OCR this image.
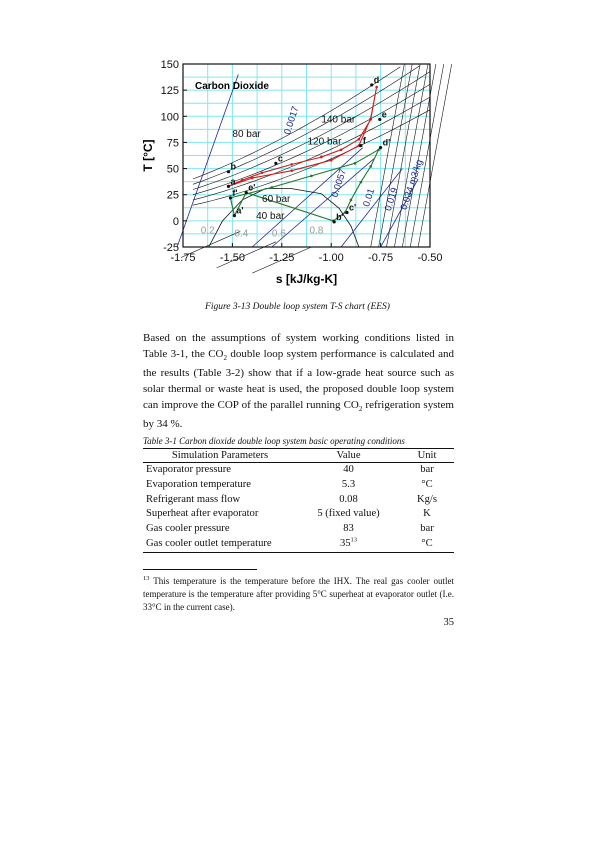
d
e
d'
f
c
b
a
f'
e'
a'
b'
c'
0.2 0.4 0.6 0.8
140 bar
120 bar
80 bar
60 bar
40 bar
0.0017
0.0057 0.01 0.019
0.034 m3/kg
-1.75 -1.50 -1.25 -1.00 -0.75 -0.50
-25
0
25
50
75
100
125
150
Carbon Dioxide
s [kJ/kg-K]
T [°C]
Figure 3-13 Double loop system T-S chart (EES)
Based on the assumptions of system working conditions listed in Table 3-1, the $CO_2$ double loop system performance is calculated and the results (Table 3-2) show that if a low-grade heat source such as solar thermal or waste heat is used, the proposed double loop system can improve the COP of the parallel running $CO_2$ refrigeration system by 34 %.
Table 3-1 Carbon dioxide double loop system basic operating conditions
Simulation Parameters	Value	Unit
Evaporator pressure	40	bar
Evaporation temperature	5.3	°C
Refrigerant mass flow	0.08	Kg/s
Superheat after evaporator	5 (fixed value)	K
Gas cooler pressure	83	bar
Gas cooler outlet temperature	$35^{13}$	°C
$^{13}$ This temperature is the temperature before the IHX. The real gas cooler outlet temperature is the temperature after providing 5°C superheat at evaporator outlet (I.e. 33°C in the current case).
35
